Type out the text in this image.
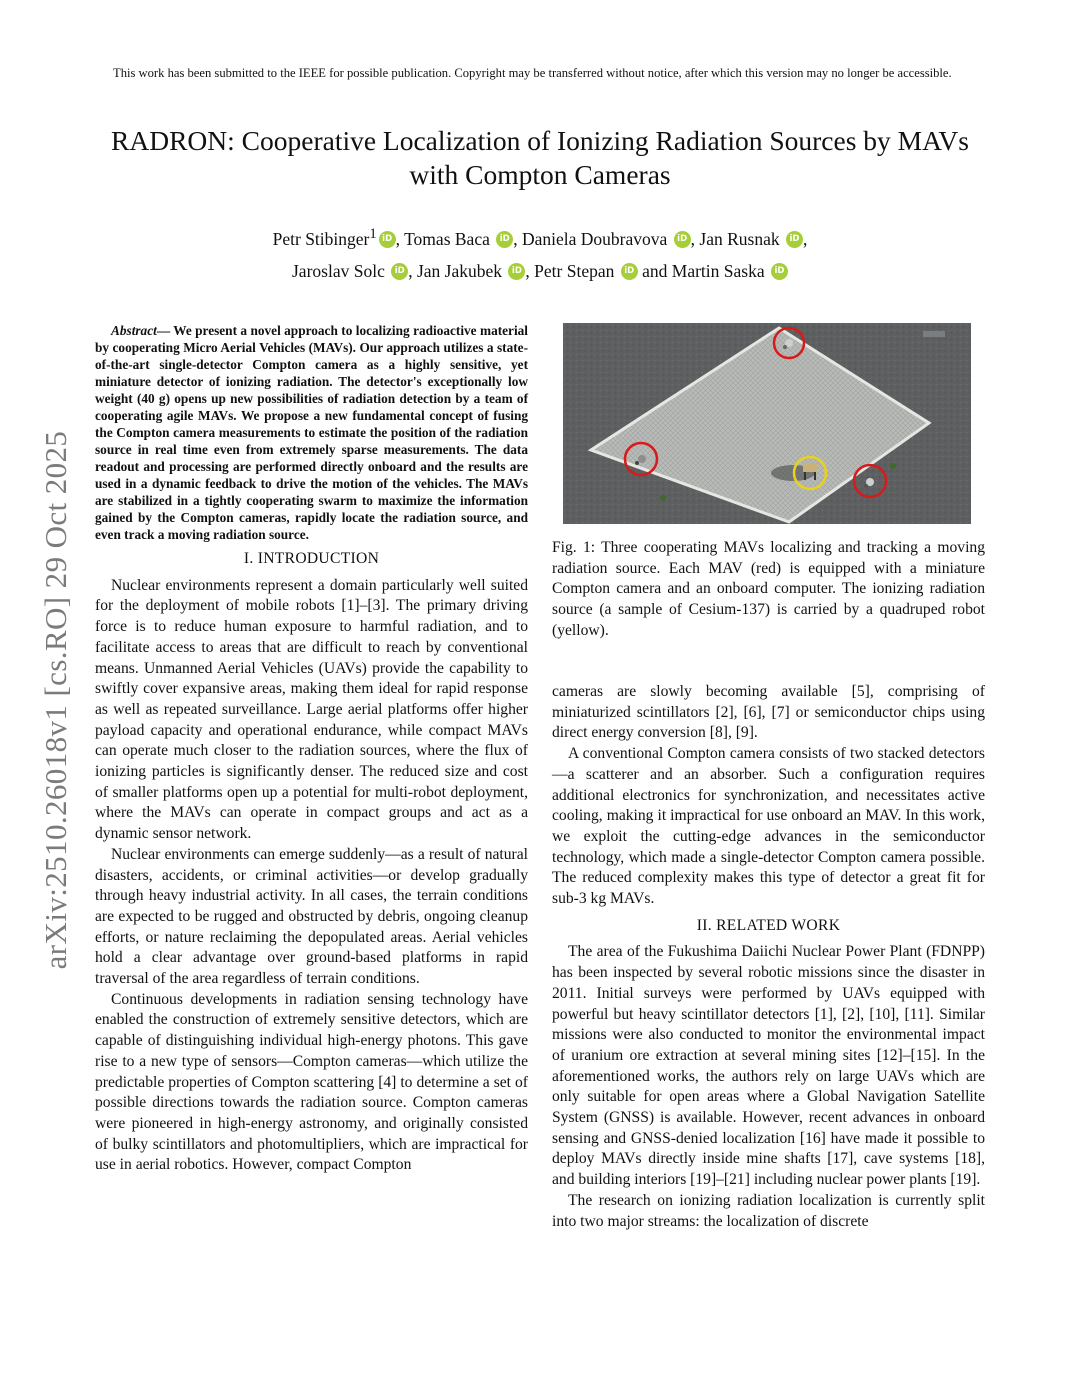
This work has been submitted to the IEEE for possible publication. Copyright may be transferred without notice, after which this version may no longer be accessible.
arXiv:2510.26018v1 [cs.RO] 29 Oct 2025
RADRON: Cooperative Localization of Ionizing Radiation Sources by MAVs with Compton Cameras
Petr Stibinger$^1$ iD , Tomas Baca iD , Daniela Doubravova iD , Jan Rusnak iD ,
Jaroslav Solc iD , Jan Jakubek iD , Petr Stepan iD and Martin Saska iD

Abstract— We present a novel approach to localizing radioactive material by cooperating Micro Aerial Vehicles (MAVs). Our approach utilizes a state-of-the-art single-detector Compton camera as a highly sensitive, yet miniature detector of ionizing radiation. The detector's exceptionally low weight (40 g) opens up new possibilities of radiation detection by a team of cooperating agile MAVs. We propose a new fundamental concept of fusing the Compton camera measurements to estimate the position of the radiation source in real time even from extremely sparse measurements. The data readout and processing are performed directly onboard and the results are used in a dynamic feedback to drive the motion of the vehicles. The MAVs are stabilized in a tightly cooperating swarm to maximize the information gained by the Compton cameras, rapidly locate the radiation source, and even track a moving radiation source.

I. INTRODUCTION

Nuclear environments represent a domain particularly well suited for the deployment of mobile robots [1]–[3]. The primary driving force is to reduce human exposure to harmful radiation, and to facilitate access to areas that are difficult to reach by conventional means. Unmanned Aerial Vehicles (UAVs) provide the capability to swiftly cover expansive areas, making them ideal for rapid response as well as repeated surveillance. Large aerial platforms offer higher payload capacity and operational endurance, while compact MAVs can operate much closer to the radiation sources, where the flux of ionizing particles is significantly denser. The reduced size and cost of smaller platforms open up a potential for multi-robot deployment, where the MAVs can operate in compact groups and act as a dynamic sensor network.

Nuclear environments can emerge suddenly—as a result of natural disasters, accidents, or criminal activities—or develop gradually through heavy industrial activity. In all cases, the terrain conditions are expected to be rugged and obstructed by debris, ongoing cleanup efforts, or nature reclaiming the depopulated areas. Aerial vehicles hold a clear advantage over ground-based platforms in rapid traversal of the area regardless of terrain conditions.

Continuous developments in radiation sensing technology have enabled the construction of extremely sensitive detectors, which are capable of distinguishing individual high-energy photons. This gave rise to a new type of sensors—Compton cameras—which utilize the predictable properties of Compton scattering [4] to determine a set of possible directions towards the radiation source. Compton cameras were pioneered in high-energy astronomy, and originally consisted of bulky scintillators and photomultipliers, which are impractical for use in aerial robotics. However, compact Compton

Fig. 1: Three cooperating MAVs localizing and tracking a moving radiation source. Each MAV (red) is equipped with a miniature Compton camera and an onboard computer. The ionizing radiation source (a sample of Cesium-137) is carried by a quadruped robot (yellow).

cameras are slowly becoming available [5], comprising of miniaturized scintillators [2], [6], [7] or semiconductor chips using direct energy conversion [8], [9].

A conventional Compton camera consists of two stacked detectors—a scatterer and an absorber. Such a configuration requires additional electronics for synchronization, and necessitates active cooling, making it impractical for use onboard an MAV. In this work, we exploit the cutting-edge advances in the semiconductor technology, which made a single-detector Compton camera possible. The reduced complexity makes this type of detector a great fit for sub-3 kg MAVs.

II. RELATED WORK

The area of the Fukushima Daiichi Nuclear Power Plant (FDNPP) has been inspected by several robotic missions since the disaster in 2011. Initial surveys were performed by UAVs equipped with powerful but heavy scintillator detectors [1], [2], [10], [11]. Similar missions were also conducted to monitor the environmental impact of uranium ore extraction at several mining sites [12]–[15]. In the aforementioned works, the authors rely on large UAVs which are only suitable for open areas where a Global Navigation Satellite System (GNSS) is available. However, recent advances in onboard sensing and GNSS-denied localization [16] have made it possible to deploy MAVs directly inside mine shafts [17], cave systems [18], and building interiors [19]–[21] including nuclear power plants [19].

The research on ionizing radiation localization is currently split into two major streams: the localization of discrete
